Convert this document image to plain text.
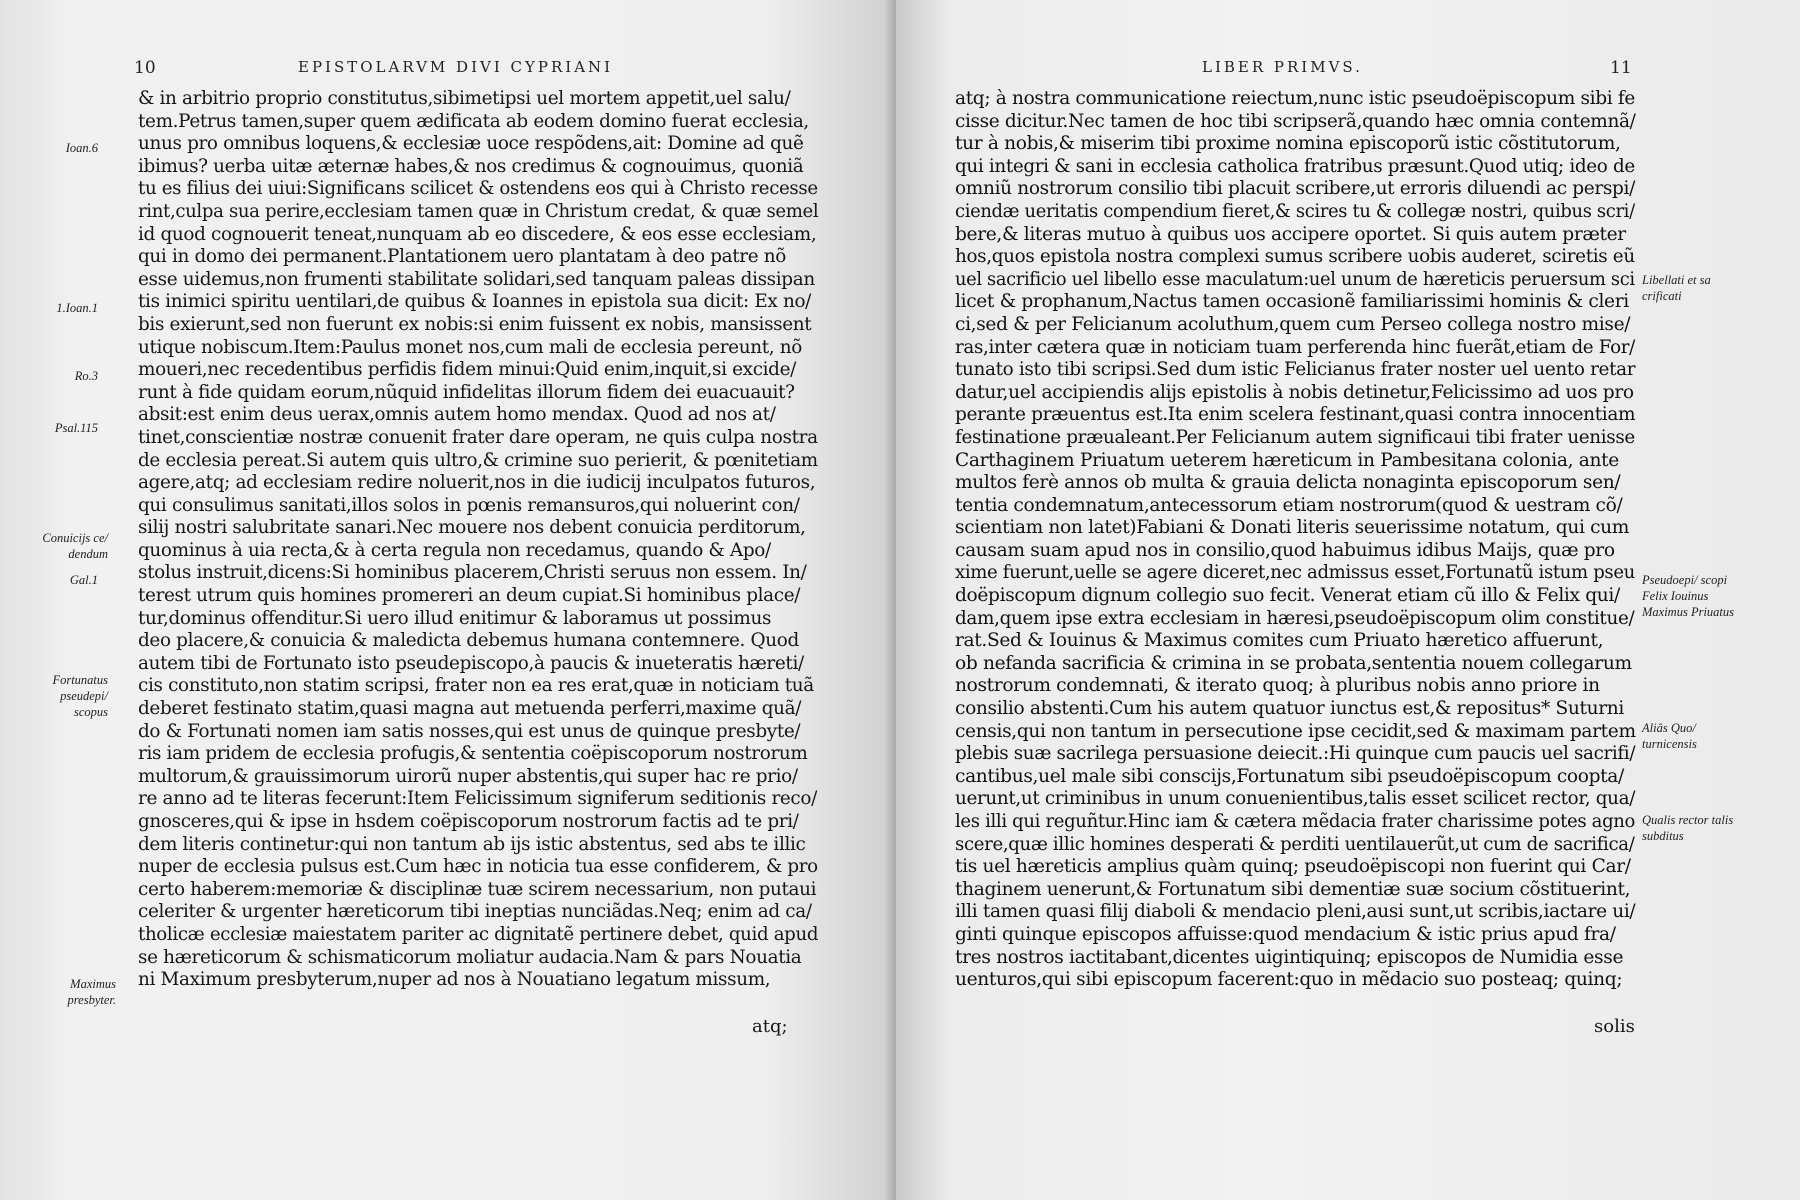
10	EPISTOLARVM DIVI CYPRIANI
& in arbitrio proprio constitutus,sibimetipsi uel mortem appetit,uel salu/
tem.Petrus tamen,super quem ædificata ab eodem domino fuerat ecclesia,
unus pro omnibus loquens,& ecclesiæ uoce respõdens,ait: Domine ad quẽ
ibimus? uerba uitæ æternæ habes,& nos credimus & cognouimus, quoniã
tu es filius dei uiui:Significans scilicet & ostendens eos qui à Christo recesse
rint,culpa sua perire,ecclesiam tamen quæ in Christum credat, & quæ semel
id quod cognouerit teneat,nunquam ab eo discedere, & eos esse ecclesiam,
qui in domo dei permanent.Plantationem uero plantatam à deo patre nõ
esse uidemus,non frumenti stabilitate solidari,sed tanquam paleas dissipan
tis inimici spiritu uentilari,de quibus & Ioannes in epistola sua dicit: Ex no/
bis exierunt,sed non fuerunt ex nobis:si enim fuissent ex nobis, mansissent
utique nobiscum.Item:Paulus monet nos,cum mali de ecclesia pereunt, nõ
moueri,nec recedentibus perfidis fidem minui:Quid enim,inquit,si excide/
runt à fide quidam eorum,nũquid infidelitas illorum fidem dei euacuauit?
absit:est enim deus uerax,omnis autem homo mendax. Quod ad nos at/
tinet,conscientiæ nostræ conuenit frater dare operam, ne quis culpa nostra
de ecclesia pereat.Si autem quis ultro,& crimine suo perierit, & pœnitetiam
agere,atq; ad ecclesiam redire noluerit,nos in die iudicij inculpatos futuros,
qui consulimus sanitati,illos solos in pœnis remansuros,qui noluerint con/
silij nostri salubritate sanari.Nec mouere nos debent conuicia perditorum,
quominus à uia recta,& à certa regula non recedamus, quando & Apo/
stolus instruit,dicens:Si hominibus placerem,Christi seruus non essem. In/
terest utrum quis homines promereri an deum cupiat.Si hominibus place/
tur,dominus offenditur.Si uero illud enitimur & laboramus ut possimus
deo placere,& conuicia & maledicta debemus humana contemnere. Quod
autem tibi de Fortunato isto pseudepiscopo,à paucis & inueteratis hæreti/
cis constituto,non statim scripsi, frater non ea res erat,quæ in noticiam tuã
deberet festinato statim,quasi magna aut metuenda perferri,maxime quã/
do & Fortunati nomen iam satis nosses,qui est unus de quinque presbyte/
ris iam pridem de ecclesia profugis,& sententia coëpiscoporum nostrorum
multorum,& grauissimorum uirorũ nuper abstentis,qui super hac re prio/
re anno ad te literas fecerunt:Item Felicissimum signiferum seditionis reco/
gnosceres,qui & ipse in hsdem coëpiscoporum nostrorum factis ad te pri/
dem literis continetur:qui non tantum ab ijs istic abstentus, sed abs te illic
nuper de ecclesia pulsus est.Cum hæc in noticia tua esse confiderem, & pro
certo haberem:memoriæ & disciplinæ tuæ scirem necessarium, non putaui
celeriter & urgenter hæreticorum tibi ineptias nunciãdas.Neq; enim ad ca/
tholicæ ecclesiæ maiestatem pariter ac dignitatẽ pertinere debet, quid apud
se hæreticorum & schismaticorum moliatur audacia.Nam & pars Nouatia
ni Maximum presbyterum,nuper ad nos à Nouatiano legatum missum,
atq;
Ioan.6
1.Ioan.1
Ro.3
Psal.115
Conuicijs ce/ dendum
Gal.1
Fortunatus pseudepi/ scopus
Maximus presbyter.
LIBER PRIMVS.	11
atq; à nostra communicatione reiectum,nunc istic pseudoëpiscopum sibi fe
cisse dicitur.Nec tamen de hoc tibi scripserã,quando hæc omnia contemnã/
tur à nobis,& miserim tibi proxime nomina episcoporũ istic cõstitutorum,
qui integri & sani in ecclesia catholica fratribus præsunt.Quod utiq; ideo de
omniũ nostrorum consilio tibi placuit scribere,ut erroris diluendi ac perspi/
ciendæ ueritatis compendium fieret,& scires tu & collegæ nostri, quibus scri/
bere,& literas mutuo à quibus uos accipere oportet. Si quis autem præter
hos,quos epistola nostra complexi sumus scribere uobis auderet, sciretis eũ
uel sacrificio uel libello esse maculatum:uel unum de hæreticis peruersum sci
licet & prophanum,Nactus tamen occasionẽ familiarissimi hominis & cleri
ci,sed & per Felicianum acoluthum,quem cum Perseo collega nostro mise/
ras,inter cætera quæ in noticiam tuam perferenda hinc fuerãt,etiam de For/
tunato isto tibi scripsi.Sed dum istic Felicianus frater noster uel uento retar
datur,uel accipiendis alijs epistolis à nobis detinetur,Felicissimo ad uos pro
perante præuentus est.Ita enim scelera festinant,quasi contra innocentiam
festinatione præualeant.Per Felicianum autem significaui tibi frater uenisse
Carthaginem Priuatum ueterem hæreticum in Pambesitana colonia, ante
multos ferè annos ob multa & grauia delicta nonaginta episcoporum sen/
tentia condemnatum,antecessorum etiam nostrorum(quod & uestram cõ/
scientiam non latet)Fabiani & Donati literis seuerissime notatum, qui cum
causam suam apud nos in consilio,quod habuimus idibus Maijs, quæ pro
xime fuerunt,uelle se agere diceret,nec admissus esset,Fortunatũ istum pseu
doëpiscopum dignum collegio suo fecit. Venerat etiam cũ illo & Felix qui/
dam,quem ipse extra ecclesiam in hæresi,pseudoëpiscopum olim constitue/
rat.Sed & Iouinus & Maximus comites cum Priuato hæretico affuerunt,
ob nefanda sacrificia & crimina in se probata,sententia nouem collegarum
nostrorum condemnati, & iterato quoq; à pluribus nobis anno priore in
consilio abstenti.Cum his autem quatuor iunctus est,& repositus* Suturni
censis,qui non tantum in persecutione ipse cecidit,sed & maximam partem
plebis suæ sacrilega persuasione deiecit.:Hi quinque cum paucis uel sacrifi/
cantibus,uel male sibi conscijs,Fortunatum sibi pseudoëpiscopum coopta/
uerunt,ut criminibus in unum conuenientibus,talis esset scilicet rector, qua/
les illi qui reguñtur.Hinc iam & cætera mẽdacia frater charissime potes agno
scere,quæ illic homines desperati & perditi uentilauerũt,ut cum de sacrifica/
tis uel hæreticis amplius quàm quinq; pseudoëpiscopi non fuerint qui Car/
thaginem uenerunt,& Fortunatum sibi dementiæ suæ socium cõstituerint,
illi tamen quasi filij diaboli & mendacio pleni,ausi sunt,ut scribis,iactare ui/
ginti quinque episcopos affuisse:quod mendacium & istic prius apud fra/
tres nostros iactitabant,dicentes uigintiquinq; episcopos de Numidia esse
uenturos,qui sibi episcopum facerent:quo in mẽdacio suo posteaq; quinq;
solis
Libellati et sa crificati
Pseudoepi/ scopi Felix Iouinus Maximus Priuatus
Aliâs Quo/ turnicensis
Qualis rector talis subditus
